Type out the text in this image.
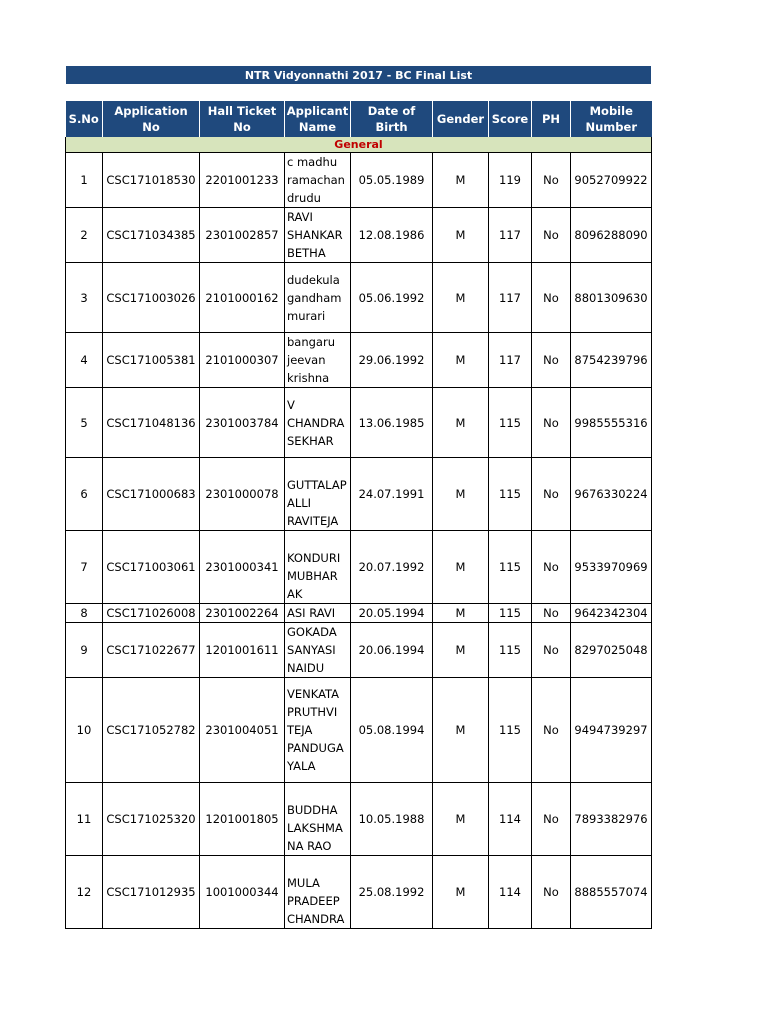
NTR Vidyonnathi 2017 - BC Final List
S.No	Application No	Hall Ticket No	Applicant Name	Date of Birth	Gender	Score	PH	Mobile Number
General								
1	CSC171018530	2201001233	c madhu
ramachan
drudu	05.05.1989	M	119	No	9052709922
2	CSC171034385	2301002857	RAVI
SHANKAR
BETHA	12.08.1986	M	117	No	8096288090
3	CSC171003026	2101000162	dudekula
gandham
murari	05.06.1992	M	117	No	8801309630
4	CSC171005381	2101000307	bangaru
jeevan
krishna	29.06.1992	M	117	No	8754239796
5	CSC171048136	2301003784	V
CHANDRA
SEKHAR	13.06.1985	M	115	No	9985555316
6	CSC171000683	2301000078	GUTTALAP
ALLI
RAVITEJA	24.07.1991	M	115	No	9676330224
7	CSC171003061	2301000341	KONDURI
MUBHAR
AK	20.07.1992	M	115	No	9533970969
8	CSC171026008	2301002264	ASI RAVI	20.05.1994	M	115	No	9642342304
9	CSC171022677	1201001611	GOKADA
SANYASI
NAIDU	20.06.1994	M	115	No	8297025048
10	CSC171052782	2301004051	VENKATA
PRUTHVI
TEJA
PANDUGA
YALA	05.08.1994	M	115	No	9494739297
11	CSC171025320	1201001805	BUDDHA
LAKSHMA
NA RAO	10.05.1988	M	114	No	7893382976
12	CSC171012935	1001000344	MULA
PRADEEP
CHANDRA	25.08.1992	M	114	No	8885557074
